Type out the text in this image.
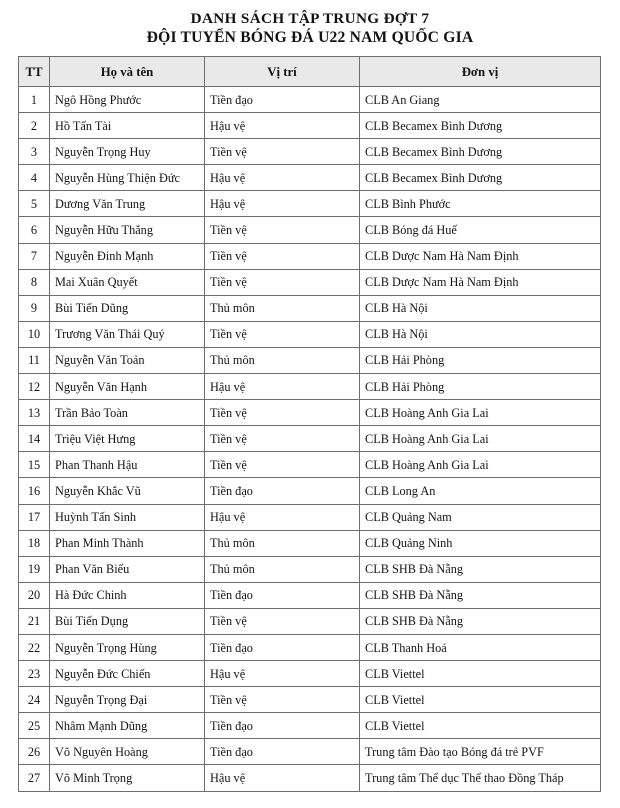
DANH SÁCH TẬP TRUNG ĐỢT 7
ĐỘI TUYỂN BÓNG ĐÁ U22 NAM QUỐC GIA
TT	Họ và tên	Vị trí	Đơn vị
1	Ngô Hồng Phước	Tiền đạo	CLB An Giang
2	Hồ Tấn Tài	Hậu vệ	CLB Becamex Bình Dương
3	Nguyễn Trọng Huy	Tiền vệ	CLB Becamex Bình Dương
4	Nguyễn Hùng Thiện Đức	Hậu vệ	CLB Becamex Bình Dương
5	Dương Văn Trung	Hậu vệ	CLB Bình Phước
6	Nguyễn Hữu Thắng	Tiền vệ	CLB Bóng đá Huế
7	Nguyễn Đinh Mạnh	Tiền vệ	CLB Dược Nam Hà Nam Định
8	Mai Xuân Quyết	Tiền vệ	CLB Dược Nam Hà Nam Định
9	Bùi Tiến Dũng	Thủ môn	CLB Hà Nội
10	Trương Văn Thái Quý	Tiền vệ	CLB Hà Nội
11	Nguyễn Văn Toản	Thủ môn	CLB Hải Phòng
12	Nguyễn Văn Hạnh	Hậu vệ	CLB Hải Phòng
13	Trần Bảo Toàn	Tiền vệ	CLB Hoàng Anh Gia Lai
14	Triệu Việt Hưng	Tiền vệ	CLB Hoàng Anh Gia Lai
15	Phan Thanh Hậu	Tiền vệ	CLB Hoàng Anh Gia Lai
16	Nguyễn Khắc Vũ	Tiền đạo	CLB Long An
17	Huỳnh Tấn Sinh	Hậu vệ	CLB Quảng Nam
18	Phan Minh Thành	Thủ môn	CLB Quảng Ninh
19	Phan Văn Biểu	Thủ môn	CLB SHB Đà Nẵng
20	Hà Đức Chinh	Tiền đạo	CLB SHB Đà Nẵng
21	Bùi Tiến Dụng	Tiền vệ	CLB SHB Đà Nẵng
22	Nguyễn Trọng Hùng	Tiền đạo	CLB Thanh Hoá
23	Nguyễn Đức Chiến	Hậu vệ	CLB Viettel
24	Nguyễn Trọng Đại	Tiền vệ	CLB Viettel
25	Nhâm Mạnh Dũng	Tiền đạo	CLB Viettel
26	Võ Nguyên Hoàng	Tiền đạo	Trung tâm Đào tạo Bóng đá trẻ PVF
27	Võ Minh Trọng	Hậu vệ	Trung tâm Thể dục Thể thao Đồng Tháp
